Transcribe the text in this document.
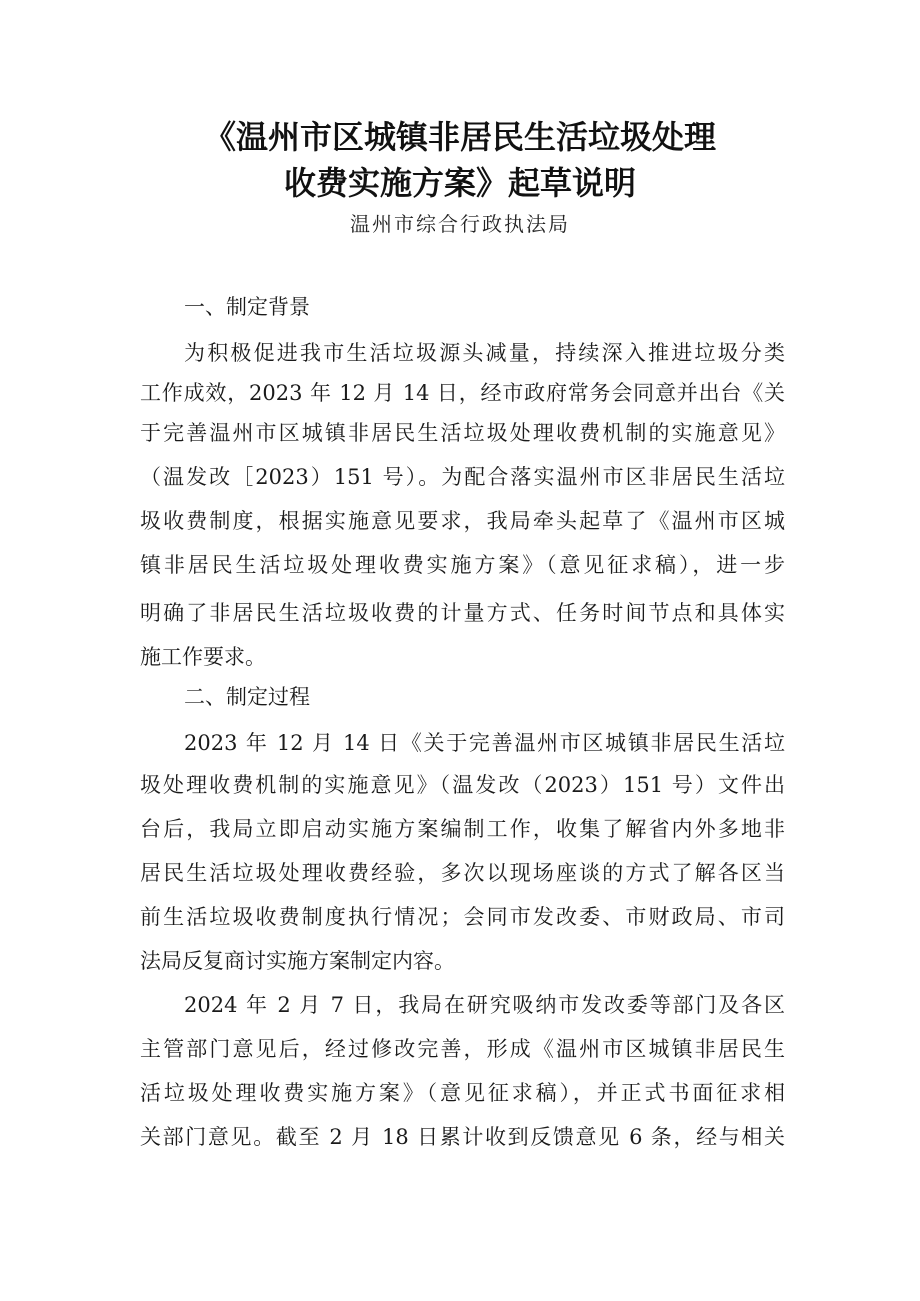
《温州市区城镇非居民生活垃圾处理
收费实施方案》起草说明
温州市综合行政执法局
一、制定背景
为积极促进我市生活垃圾源头减量，持续深入推进垃圾分类
工作成效，2023 年 12 月 14 日，经市政府常务会同意并出台《关
于完善温州市区城镇非居民生活垃圾处理收费机制的实施意见》
（温发改［2023）151 号）。为配合落实温州市区非居民生活垃
圾收费制度，根据实施意见要求，我局牵头起草了《温州市区城
镇非居民生活垃圾处理收费实施方案》（意见征求稿），进一步
明确了非居民生活垃圾收费的计量方式、任务时间节点和具体实
施工作要求。
二、制定过程
2023 年 12 月 14 日《关于完善温州市区城镇非居民生活垃
圾处理收费机制的实施意见》（温发改（2023）151 号）文件出
台后，我局立即启动实施方案编制工作，收集了解省内外多地非
居民生活垃圾处理收费经验，多次以现场座谈的方式了解各区当
前生活垃圾收费制度执行情况；会同市发改委、市财政局、市司
法局反复商讨实施方案制定内容。
2024 年 2 月 7 日，我局在研究吸纳市发改委等部门及各区
主管部门意见后，经过修改完善，形成《温州市区城镇非居民生
活垃圾处理收费实施方案》（意见征求稿），并正式书面征求相
关部门意见。截至 2 月 18 日累计收到反馈意见 6 条，经与相关
